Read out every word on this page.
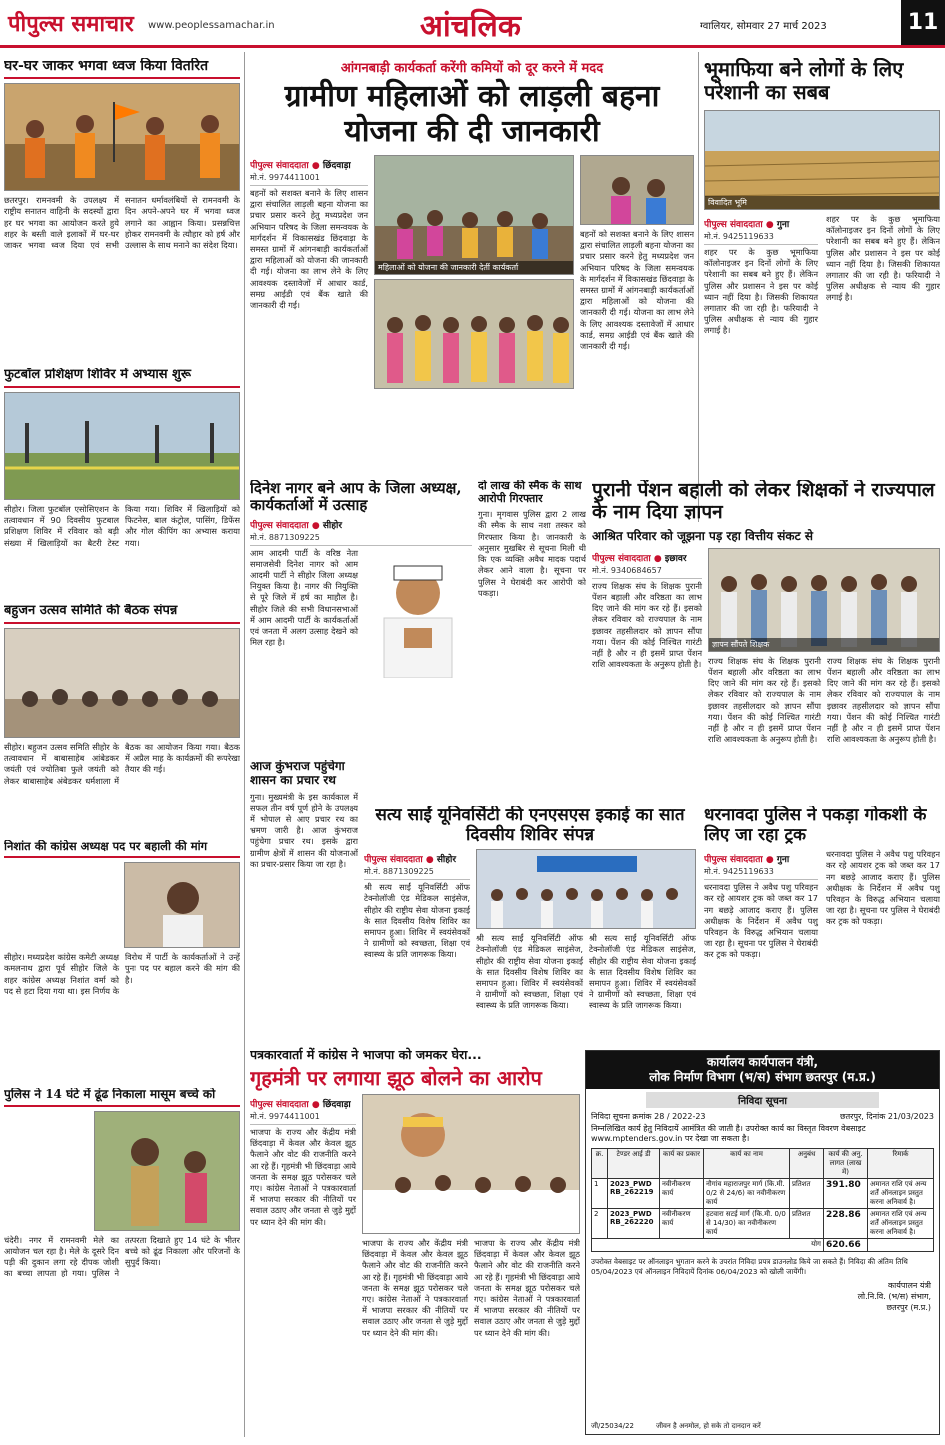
पीपुल्स समाचार www.peoplessamachar.in	आंचलिक	ग्वालियर, सोमवार 27 मार्च 2023	11
घर-घर जाकर भगवा ध्वज किया वितरित
छतरपुर। रामनवमी के उपलक्ष्य में राष्ट्रीय सनातन वाहिनी के सदस्यों द्वारा हर घर भगवा का आयोजन करते हुये शहर के बस्ती वाले इलाकों में घर-घर जाकर भगवा ध्वज दिया एवं सभी सनातन धर्मावलंबियों से रामनवमी के दिन अपने-अपने घर में भगवा ध्वज लगाने का आह्वान किया। प्रसन्नचित्त होकर रामनवमी के त्यौहार को हर्ष और उल्लास के साथ मनाने का संदेश दिया।
फुटबॉल प्रशिक्षण शिविर में अभ्यास शुरू
सीहोर। जिला फुटबॉल एसोसिएशन के तत्वावधान में 90 दिवसीय फुटबाल प्रशिक्षण शिविर में रविवार को बड़ी संख्या में खिलाड़ियों का बैटरी टेस्ट किया गया। शिविर में खिलाड़ियों को फिटनेस, बाल कंट्रोल, पासिंग, डिफेंस और गोल कीपिंग का अभ्यास कराया गया।
बहुजन उत्सव समिति की बैठक संपन्न
सीहोर। बहुजन उत्सव समिति सीहोर के तत्वावधान में बाबासाहेब आंबेडकर जयंती एवं ज्योतिबा फुले जयंती को लेकर बाबासाहेब अंबेडकर धर्मशाला में बैठक का आयोजन किया गया। बैठक में अप्रैल माह के कार्यक्रमों की रूपरेखा तैयार की गई।
निशांत की कांग्रेस अध्यक्ष पद पर बहाली की मांग
सीहोर। मध्यप्रदेश कांग्रेस कमेटी अध्यक्ष कमलनाथ द्वारा पूर्व सीहोर जिले के शहर कांग्रेस अध्यक्ष निशांत वर्मा को पद से हटा दिया गया था। इस निर्णय के विरोध में पार्टी के कार्यकर्ताओं ने उन्हें पुनः पद पर बहाल करने की मांग की है।
पुलिस ने 14 घंटे में ढूंढ निकाला मासूम बच्चे को
चंदेरी। नगर में रामनवमी मेले का आयोजन चल रहा है। मेले के दूसरे दिन पड़ी की दुकान लगा रहे दीपक जोशी का बच्चा लापता हो गया। पुलिस ने तत्परता दिखाते हुए 14 घंटे के भीतर बच्चे को ढूंढ निकाला और परिजनों के सुपुर्द किया।
आंगनबाड़ी कार्यकर्ता करेंगी कमियों को दूर करने में मदद
ग्रामीण महिलाओं को लाड़ली बहना योजना की दी जानकारी
पीपुल्स संवाददाता ● छिंदवाड़ा
मो.नं. 9974411001
बहनों को सशक्त बनाने के लिए शासन द्वारा संचालित लाड़ली बहना योजना का प्रचार प्रसार करने हेतु मध्यप्रदेश जन अभियान परिषद के जिला समन्वयक के मार्गदर्शन में विकासखंड छिंदवाड़ा के समस्त ग्रामों में आंगनबाड़ी कार्यकर्ताओं द्वारा महिलाओं को योजना की जानकारी दी गई। योजना का लाभ लेने के लिए आवश्यक दस्तावेजों में आधार कार्ड, समग्र आईडी एवं बैंक खाते की जानकारी दी गई।
महिलाओं को योजना की जानकारी देतीं कार्यकर्ता
बहनों को सशक्त बनाने के लिए शासन द्वारा संचालित लाड़ली बहना योजना का प्रचार प्रसार करने हेतु मध्यप्रदेश जन अभियान परिषद के जिला समन्वयक के मार्गदर्शन में विकासखंड छिंदवाड़ा के समस्त ग्रामों में आंगनबाड़ी कार्यकर्ताओं द्वारा महिलाओं को योजना की जानकारी दी गई। योजना का लाभ लेने के लिए आवश्यक दस्तावेजों में आधार कार्ड, समग्र आईडी एवं बैंक खाते की जानकारी दी गई।
भूमाफिया बने लोगों के लिए परेशानी का सबब
विवादित भूमि
पीपुल्स संवाददाता ● गुना
मो.नं. 9425119633
शहर पर के कुछ भूमाफिया कॉलोनाइजर इन दिनों लोगों के लिए परेशानी का सबब बने हुए हैं। लेकिन पुलिस और प्रशासन ने इस पर कोई ध्यान नहीं दिया है। जिसकी शिकायत लगातार की जा रही है। फरियादी ने पुलिस अधीक्षक से न्याय की गुहार लगाई है।
शहर पर के कुछ भूमाफिया कॉलोनाइजर इन दिनों लोगों के लिए परेशानी का सबब बने हुए हैं। लेकिन पुलिस और प्रशासन ने इस पर कोई ध्यान नहीं दिया है। जिसकी शिकायत लगातार की जा रही है। फरियादी ने पुलिस अधीक्षक से न्याय की गुहार लगाई है।
दिनेश नागर बने आप के जिला अध्यक्ष, कार्यकर्ताओं में उत्साह
पीपुल्स संवाददाता ● सीहोर
मो.नं. 8871309225
आम आदमी पार्टी के वरिष्ठ नेता समाजसेवी दिनेश नागर को आम आदमी पार्टी ने सीहोर जिला अध्यक्ष नियुक्त किया है। नागर की नियुक्ति से पूरे जिले में हर्ष का माहौल है। सीहोर जिले की सभी विधानसभाओं में आम आदमी पार्टी के कार्यकर्ताओं एवं जनता में अलग उत्साह देखने को मिल रहा है।
दो लाख की स्मैक के साथ आरोपी गिरफ्तार
गुना। मृगवास पुलिस द्वारा 2 लाख की स्मैक के साथ नशा तस्कर को गिरफ्तार किया है। जानकारी के अनुसार मुखबिर से सूचना मिली थी कि एक व्यक्ति अवैध मादक पदार्थ लेकर आने वाला है। सूचना पर पुलिस ने घेराबंदी कर आरोपी को पकड़ा।
पुरानी पेंशन बहाली को लेकर शिक्षकों ने राज्यपाल के नाम दिया ज्ञापन
आश्रित परिवार को जूझना पड़ रहा वित्तीय संकट से
पीपुल्स संवाददाता ● इछावर
मो.नं. 9340684657
राज्य शिक्षक संघ के शिक्षक पुरानी पेंशन बहाली और वरिष्ठता का लाभ दिए जाने की मांग कर रहे हैं। इसको लेकर रविवार को राज्यपाल के नाम इछावर तहसीलदार को ज्ञापन सौंपा गया। पेंशन की कोई निश्चित गारंटी नहीं है और न ही इसमें प्राप्त पेंशन राशि आवश्यकता के अनुरूप होती है।
ज्ञापन सौंपते शिक्षक
राज्य शिक्षक संघ के शिक्षक पुरानी पेंशन बहाली और वरिष्ठता का लाभ दिए जाने की मांग कर रहे हैं। इसको लेकर रविवार को राज्यपाल के नाम इछावर तहसीलदार को ज्ञापन सौंपा गया। पेंशन की कोई निश्चित गारंटी नहीं है और न ही इसमें प्राप्त पेंशन राशि आवश्यकता के अनुरूप होती है।
राज्य शिक्षक संघ के शिक्षक पुरानी पेंशन बहाली और वरिष्ठता का लाभ दिए जाने की मांग कर रहे हैं। इसको लेकर रविवार को राज्यपाल के नाम इछावर तहसीलदार को ज्ञापन सौंपा गया। पेंशन की कोई निश्चित गारंटी नहीं है और न ही इसमें प्राप्त पेंशन राशि आवश्यकता के अनुरूप होती है।
आज कुंभराज पहुंचेगा शासन का प्रचार रथ
गुना। मुख्यमंत्री के इस कार्यकाल में सफल तीन वर्ष पूर्ण होने के उपलक्ष्य में भोपाल से आए प्रचार रथ का भ्रमण जारी है। आज कुंभराज पहुंचेगा प्रचार रथ। इसके द्वारा ग्रामीण क्षेत्रों में शासन की योजनाओं का प्रचार-प्रसार किया जा रहा है।
सत्य साईं यूनिवर्सिटी की एनएसएस इकाई का सात दिवसीय शिविर संपन्न
पीपुल्स संवाददाता ● सीहोर
मो.नं. 8871309225
श्री सत्य साईं यूनिवर्सिटी ऑफ टेक्नोलॉजी एंड मेडिकल साइंसेज, सीहोर की राष्ट्रीय सेवा योजना इकाई के सात दिवसीय विशेष शिविर का समापन हुआ। शिविर में स्वयंसेवकों ने ग्रामीणों को स्वच्छता, शिक्षा एवं स्वास्थ्य के प्रति जागरूक किया।
श्री सत्य साईं यूनिवर्सिटी ऑफ टेक्नोलॉजी एंड मेडिकल साइंसेज, सीहोर की राष्ट्रीय सेवा योजना इकाई के सात दिवसीय विशेष शिविर का समापन हुआ। शिविर में स्वयंसेवकों ने ग्रामीणों को स्वच्छता, शिक्षा एवं स्वास्थ्य के प्रति जागरूक किया।
श्री सत्य साईं यूनिवर्सिटी ऑफ टेक्नोलॉजी एंड मेडिकल साइंसेज, सीहोर की राष्ट्रीय सेवा योजना इकाई के सात दिवसीय विशेष शिविर का समापन हुआ। शिविर में स्वयंसेवकों ने ग्रामीणों को स्वच्छता, शिक्षा एवं स्वास्थ्य के प्रति जागरूक किया।
धरनावदा पुलिस ने पकड़ा गोकशी के लिए जा रहा ट्रक
पीपुल्स संवाददाता ● गुना
मो.नं. 9425119633
धरनावदा पुलिस ने अवैध पशु परिवहन कर रहे आयशर ट्रक को जब्त कर 17 नग बछड़े आजाद कराए हैं। पुलिस अधीक्षक के निर्देशन में अवैध पशु परिवहन के विरुद्ध अभियान चलाया जा रहा है। सूचना पर पुलिस ने घेराबंदी कर ट्रक को पकड़ा।
धरनावदा पुलिस ने अवैध पशु परिवहन कर रहे आयशर ट्रक को जब्त कर 17 नग बछड़े आजाद कराए हैं। पुलिस अधीक्षक के निर्देशन में अवैध पशु परिवहन के विरुद्ध अभियान चलाया जा रहा है। सूचना पर पुलिस ने घेराबंदी कर ट्रक को पकड़ा।
पत्रकारवार्ता में कांग्रेस ने भाजपा को जमकर घेरा...
गृहमंत्री पर लगाया झूठ बोलने का आरोप
पीपुल्स संवाददाता ● छिंदवाड़ा
मो.नं. 9974411001
भाजपा के राज्य और केंद्रीय मंत्री छिंदवाड़ा में केवल और केवल झूठ फैलाने और वोट की राजनीति करने आ रहे हैं। गृहमंत्री भी छिंदवाड़ा आये जनता के समक्ष झूठ परोसकर चले गए। कांग्रेस नेताओं ने पत्रकारवार्ता में भाजपा सरकार की नीतियों पर सवाल उठाए और जनता से जुड़े मुद्दों पर ध्यान देने की मांग की।
भाजपा के राज्य और केंद्रीय मंत्री छिंदवाड़ा में केवल और केवल झूठ फैलाने और वोट की राजनीति करने आ रहे हैं। गृहमंत्री भी छिंदवाड़ा आये जनता के समक्ष झूठ परोसकर चले गए। कांग्रेस नेताओं ने पत्रकारवार्ता में भाजपा सरकार की नीतियों पर सवाल उठाए और जनता से जुड़े मुद्दों पर ध्यान देने की मांग की।
भाजपा के राज्य और केंद्रीय मंत्री छिंदवाड़ा में केवल और केवल झूठ फैलाने और वोट की राजनीति करने आ रहे हैं। गृहमंत्री भी छिंदवाड़ा आये जनता के समक्ष झूठ परोसकर चले गए। कांग्रेस नेताओं ने पत्रकारवार्ता में भाजपा सरकार की नीतियों पर सवाल उठाए और जनता से जुड़े मुद्दों पर ध्यान देने की मांग की।
कार्यालय कार्यपालन यंत्री,
लोक निर्माण विभाग (भ/स) संभाग छतरपुर (म.प्र.)
निविदा सूचना
निविदा सूचना क्रमांक 28 / 2022-23	छतरपुर, दिनांक 21/03/2023
निम्नलिखित कार्य हेतु निविदायें आमंत्रित की जाती है। उपरोक्त कार्य का विस्तृत विवरण वेबसाइट www.mptenders.gov.in पर देखा जा सकता है।
क्र.	टेण्डर आई डी	कार्य का प्रकार	कार्य का नाम	अनुबंध	कार्य की अनु. लागत (लाख में)	रिमार्क
1	2023_PWD RB_262219	नवीनीकरण कार्य	नौगांव महाराजपुर मार्ग (कि.मी. 0/2 से 24/6) का नवीनीकरण कार्य	प्रतिशत	391.80	अमानत राशि एवं अन्य शर्तें ऑनलाइन प्रस्तुत करना अनिवार्य है।
2	2023_PWD RB_262220	नवीनीकरण कार्य	हटवारा सटई मार्ग (कि.मी. 0/0 से 14/30) का नवीनीकरण कार्य	प्रतिशत	228.86	अमानत राशि एवं अन्य शर्तें ऑनलाइन प्रस्तुत करना अनिवार्य है।
योग					620.66	
उपरोक्त वेबसाइट पर ऑनलाइन भुगतान करने के उपरांत निविदा प्रपत्र डाउनलोड किये जा सकते हैं। निविदा की अंतिम तिथि 05/04/2023 एवं ऑनलाइन निविदायें दिनांक 06/04/2023 को खोली जायेंगी।
कार्यपालन यंत्री
लो.नि.वि. (भ/स) संभाग,
छतरपुर (म.प्र.)
जी/25034/22	जीवन है अनमोल, हो सके तो दानदान करें
